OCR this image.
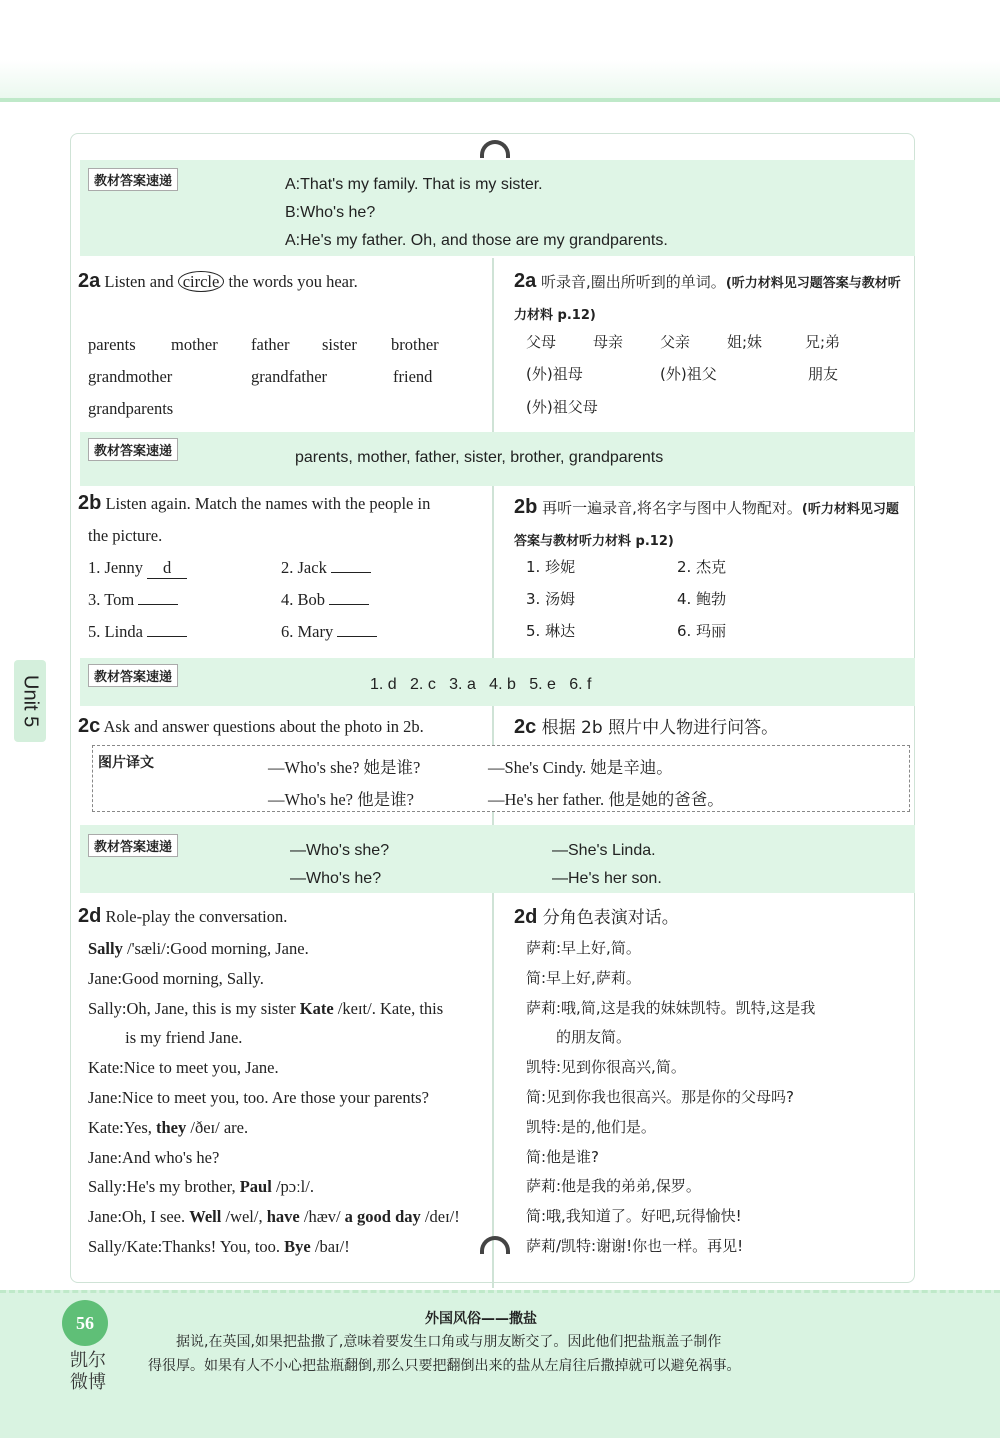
教材答案速递	A:That's my family. That is my sister.
B:Who's he?
A:He's my father. Oh, and those are my grandparents.
2a Listen and circle the words you hear.	2a 听录音,圈出所听到的单词。(听力材料见习题答案与教材听力材料 p.12)
parents mother father sister brother
grandmother	grandfather	friend
grandparents
父母 母亲 父亲 姐;妹	兄;弟
(外)祖母	(外)祖父	朋友
(外)祖父母
教材答案速递	parents, mother, father, sister, brother, grandparents
2b Listen again. Match the names with the people in
the picture.
2b 再听一遍录音,将名字与图中人物配对。(听力材料见习题答案与教材听力材料 p.12)
1. Jenny d	2. Jack
3. Tom	4. Bob
5. Linda	6. Mary
1. 珍妮	2. 杰克
3. 汤姆	4. 鲍勃
5. 琳达	6. 玛丽
教材答案速递	1. d   2. c   3. a   4. b   5. e   6. f
2c Ask and answer questions about the photo in 2b.	2c 根据 2b 照片中人物进行问答。
图片译文	—Who's she? 她是谁?	—She's Cindy. 她是辛迪。
—Who's he? 他是谁?	—He's her father. 他是她的爸爸。
教材答案速递	—Who's she?	—She's Linda.
—Who's he?	—He's her son.
2d Role-play the conversation.	2d 分角色表演对话。
Sally /'sæli/:Good morning, Jane.
Jane:Good morning, Sally.
Sally:Oh, Jane, this is my sister Kate /keɪt/. Kate, this
is my friend Jane.
Kate:Nice to meet you, Jane.
Jane:Nice to meet you, too. Are those your parents?
Kate:Yes, they /ðeɪ/ are.
Jane:And who's he?
Sally:He's my brother, Paul /pɔːl/.
Jane:Oh, I see. Well /wel/, have /hæv/ a good day /deɪ/!
Sally/Kate:Thanks! You, too. Bye /baɪ/!
萨莉:早上好,简。
简:早上好,萨莉。
萨莉:哦,简,这是我的妹妹凯特。凯特,这是我
　　的朋友简。
凯特:见到你很高兴,简。
简:见到你我也很高兴。那是你的父母吗?
凯特:是的,他们是。
简:他是谁?
萨莉:他是我的弟弟,保罗。
简:哦,我知道了。好吧,玩得愉快!
萨莉/凯特:谢谢!你也一样。再见!
Unit 5
56
凯尔微博
外国风俗——撒盐
据说,在英国,如果把盐撒了,意味着要发生口角或与朋友断交了。因此他们把盐瓶盖子制作
得很厚。如果有人不小心把盐瓶翻倒,那么只要把翻倒出来的盐从左肩往后撒掉就可以避免祸事。
